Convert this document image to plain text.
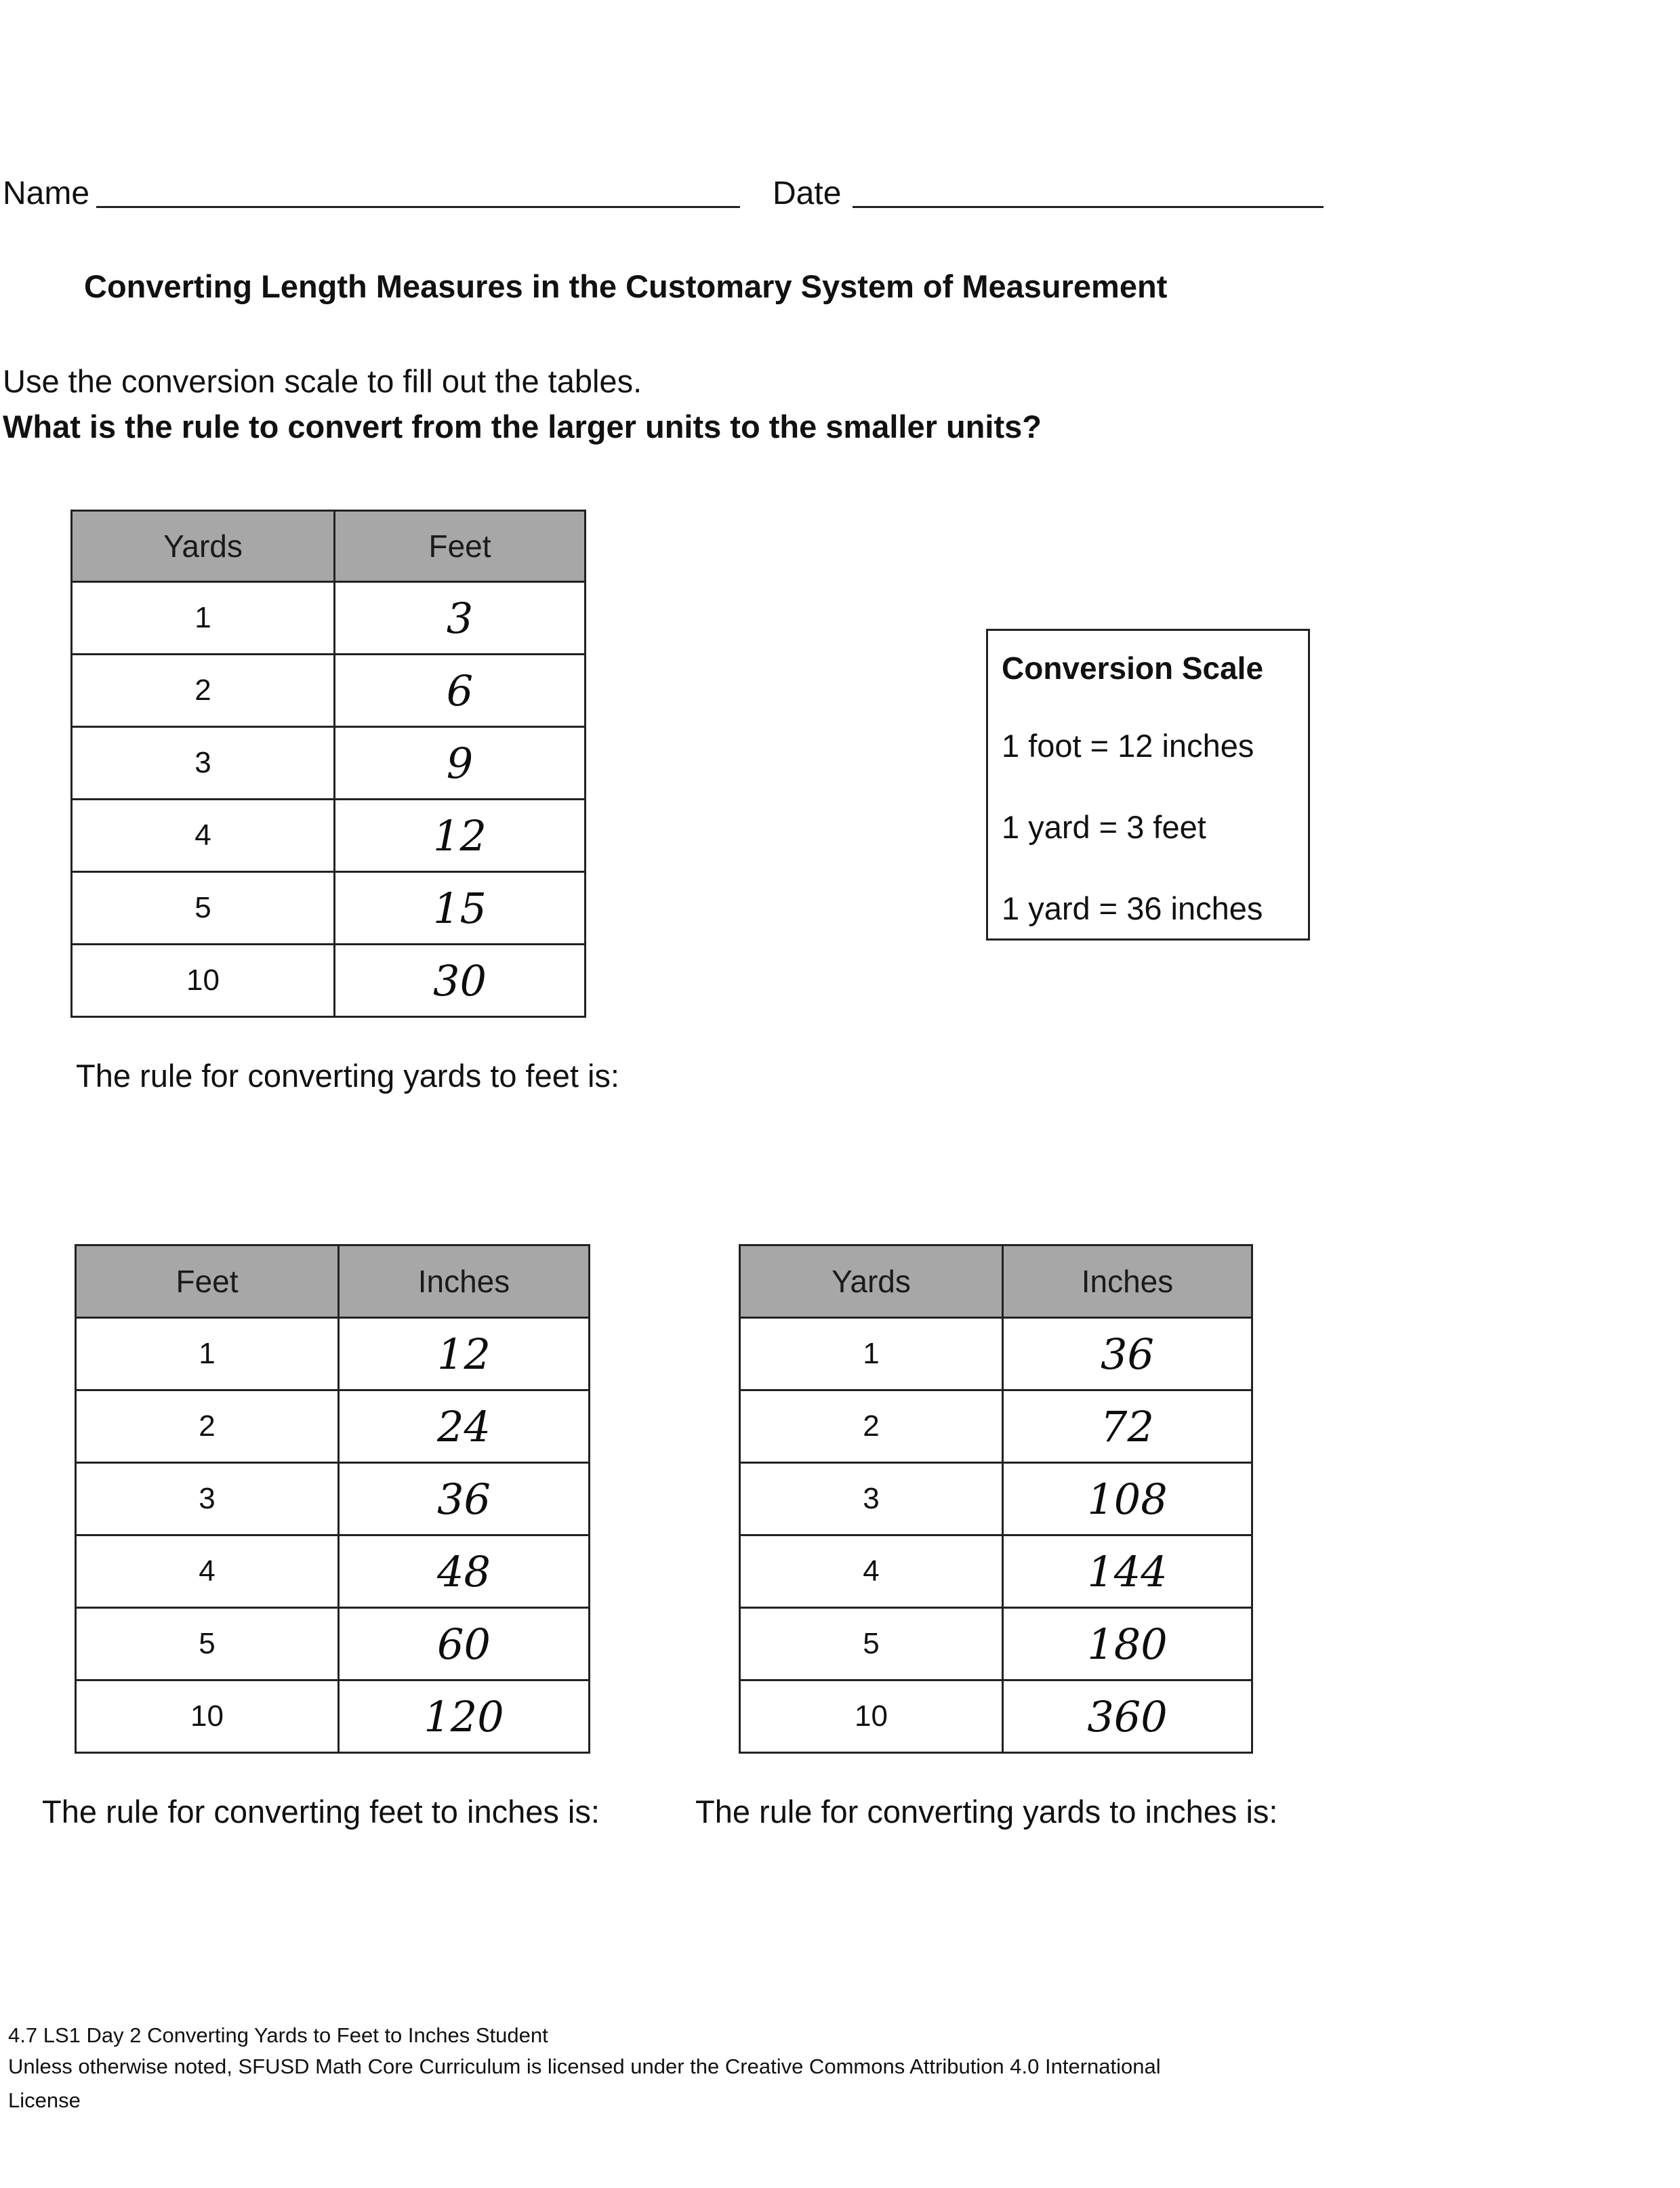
Name	Date
Converting Length Measures in the Customary System of Measurement
Use the conversion scale to fill out the tables.
What is the rule to convert from the larger units to the smaller units?
Yards	Feet
1	3
2	6
3	9
4	12
5	15
10	30
Conversion Scale
1 foot = 12 inches
1 yard = 3 feet
1 yard = 36 inches
The rule for converting yards to feet is:
Feet	Inches
1	12
2	24
3	36
4	48
5	60
10	120
Yards	Inches
1	36
2	72
3	108
4	144
5	180
10	360
The rule for converting feet to inches is:	The rule for converting yards to inches is:
4.7 LS1 Day 2 Converting Yards to Feet to Inches Student
Unless otherwise noted, SFUSD Math Core Curriculum is licensed under the Creative Commons Attribution 4.0 International
License
